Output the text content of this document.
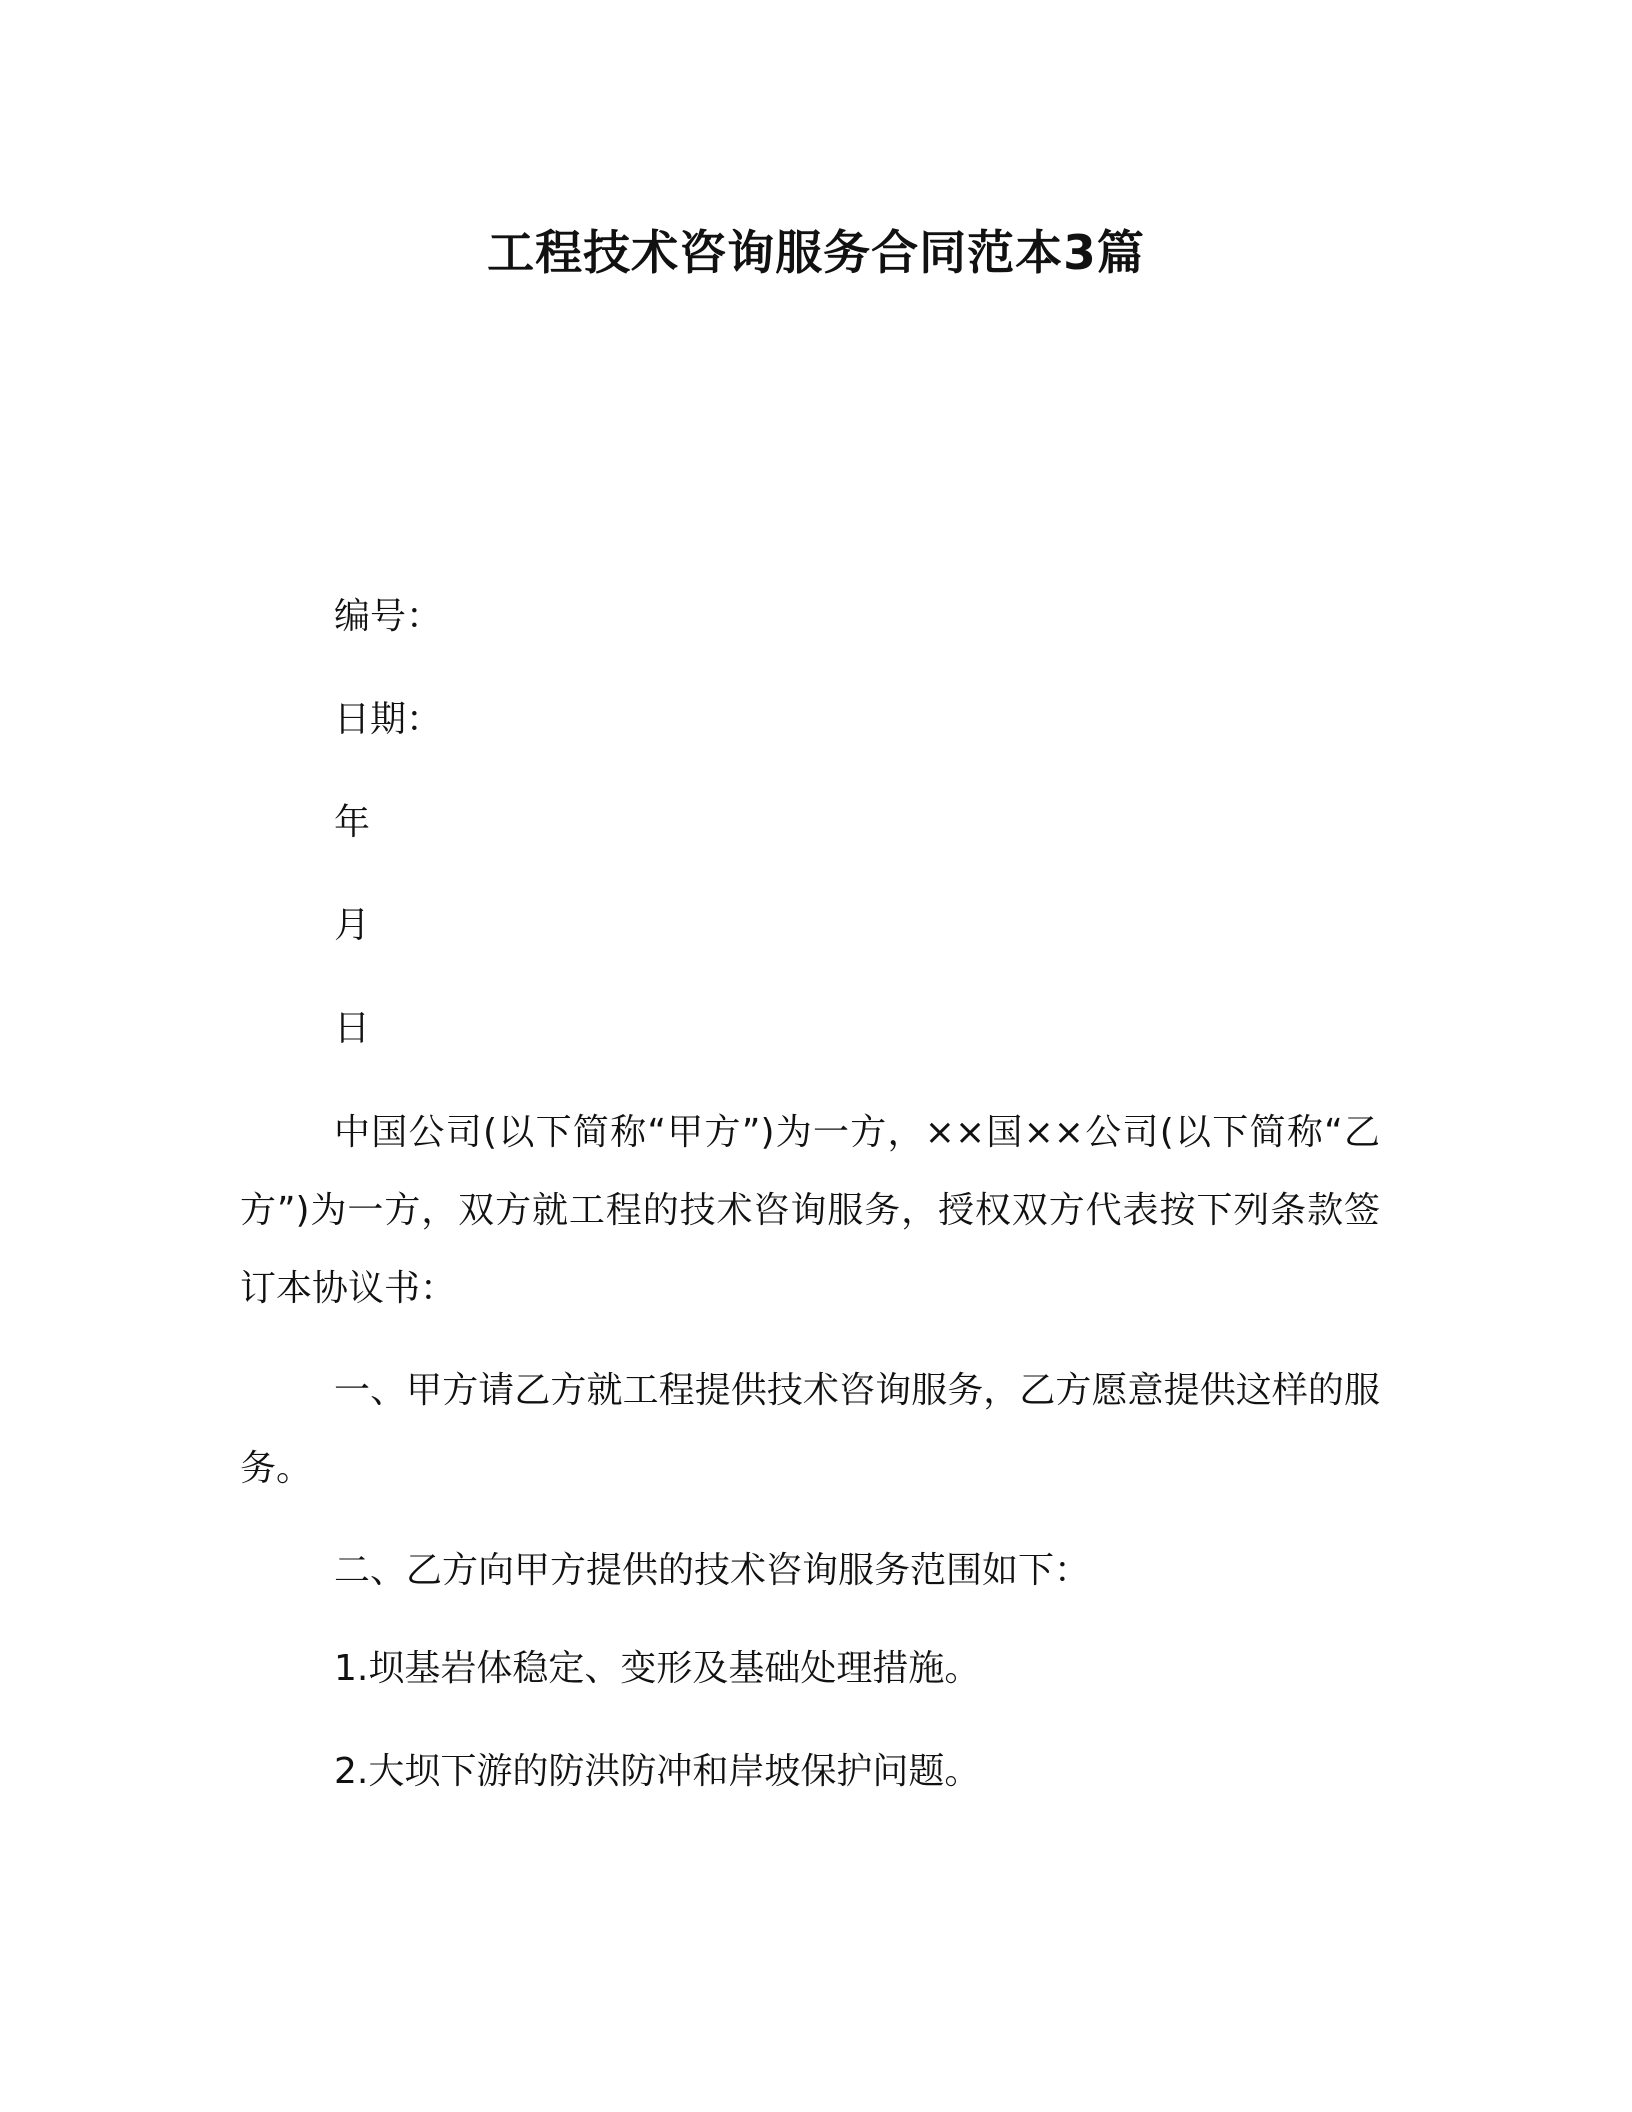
工程技术咨询服务合同范本3篇

编号：

日期：

年

月

日

中国公司(以下简称“甲方”)为一方，××国××公司(以下简称“乙方”)为一方，双方就工程的技术咨询服务，授权双方代表按下列条款签订本协议书：

一、甲方请乙方就工程提供技术咨询服务，乙方愿意提供这样的服务。

二、乙方向甲方提供的技术咨询服务范围如下：

1.坝基岩体稳定、变形及基础处理措施。

2.大坝下游的防洪防冲和岸坡保护问题。
